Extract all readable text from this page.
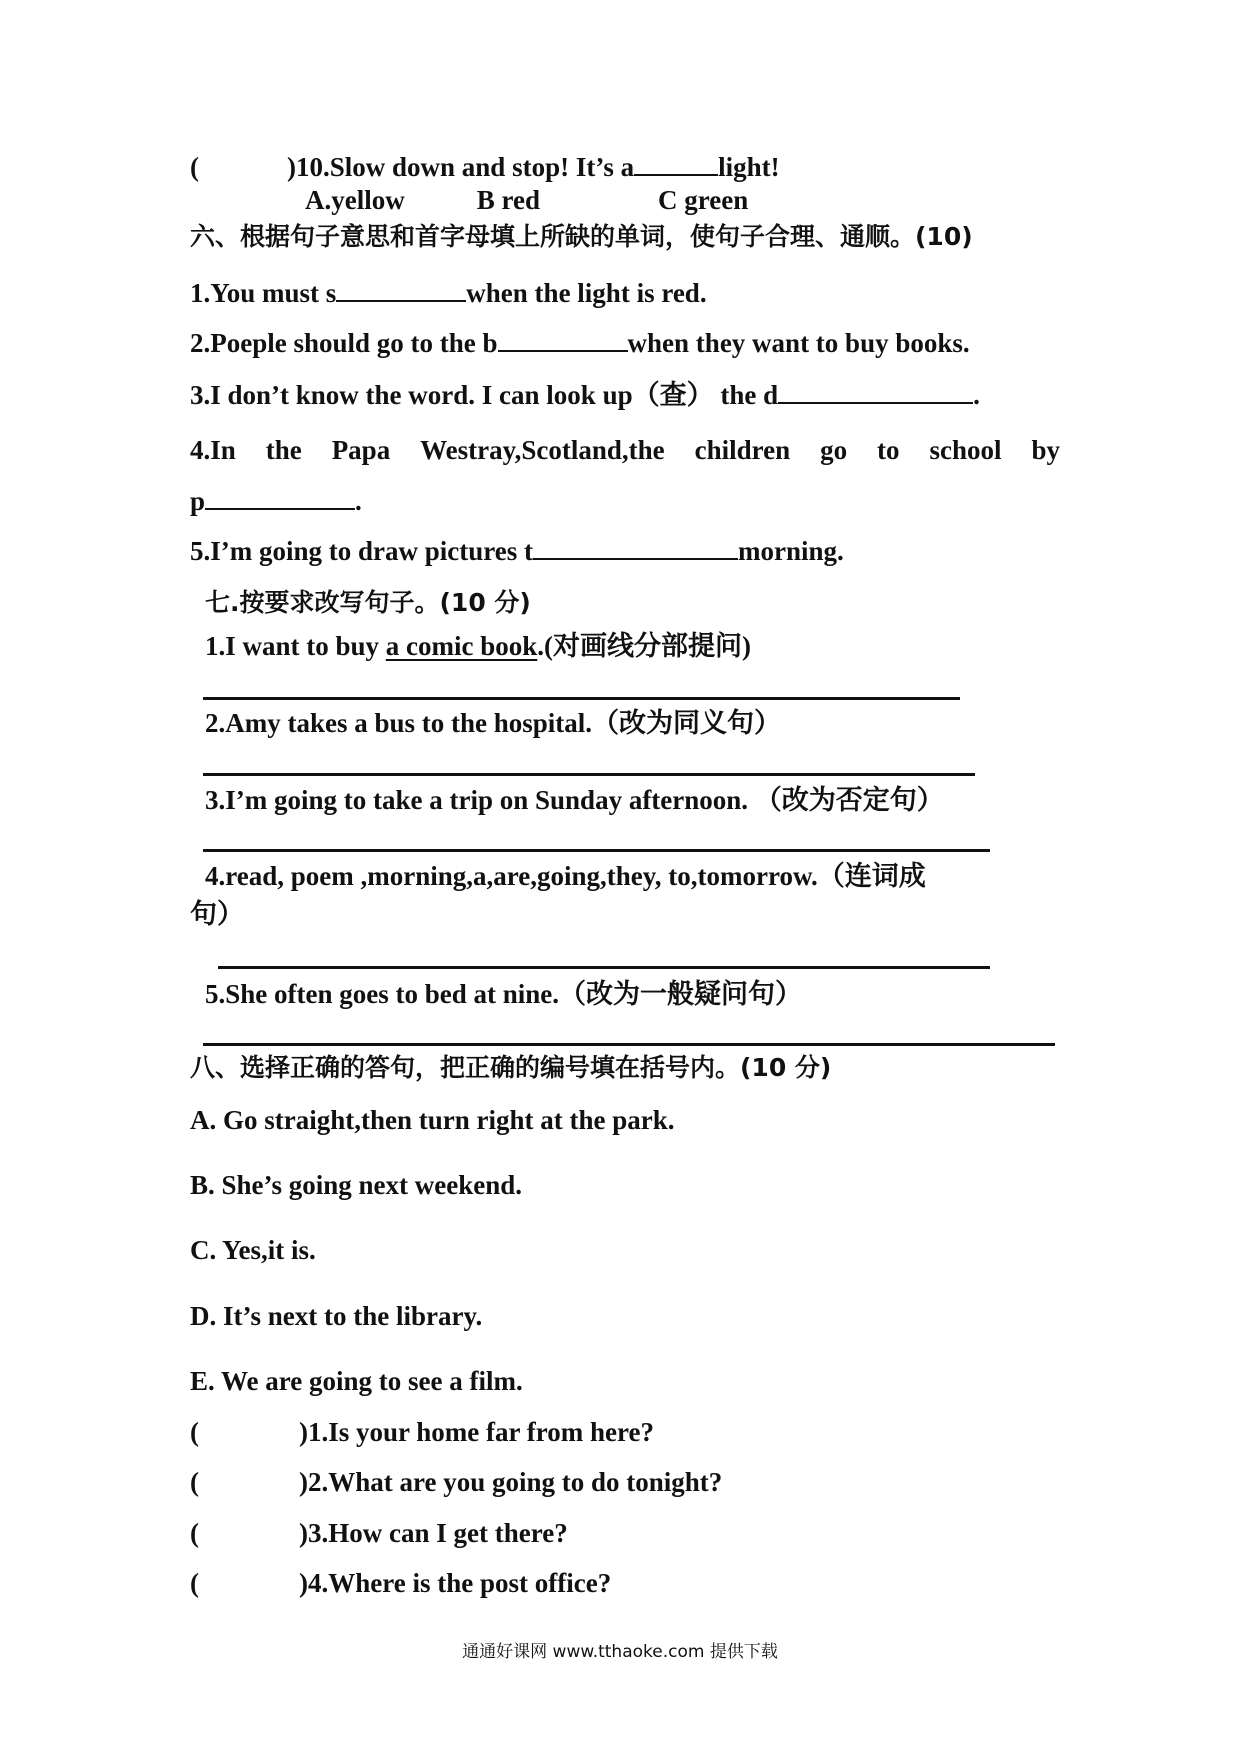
(	)10.Slow down and stop! It’s a	light!
A.yellow	B red	C green
六、根据句子意思和首字母填上所缺的单词，使句子合理、通顺。(10)
1.You must s	when the light is red.
2.Poeple should go to the b	when they want to buy books.
3.I don’t know the word. I can look up（查） the d	.
4.In the Papa Westray,Scotland,the children go to school by
p	.
5.I’m going to draw pictures t	morning.
七.按要求改写句子。(10 分)
1.I want to buy a comic book.(对画线分部提问)
2.Amy takes a bus to the hospital.（改为同义句）
3.I’m going to take a trip on Sunday afternoon. （改为否定句）
4.read, poem ,morning,a,are,going,they, to,tomorrow.（连词成
句）
5.She often goes to bed at nine.（改为一般疑问句）
八、选择正确的答句，把正确的编号填在括号内。(10 分)
A. Go straight,then turn right at the park.
B. She’s going next weekend.
C. Yes,it is.
D. It’s next to the library.
E. We are going to see a film.
(	)1.Is your home far from here?
(	)2.What are you going to do tonight?
(	)3.How can I get there?
(	)4.Where is the post office?
通通好课网 www.tthaoke.com 提供下载
